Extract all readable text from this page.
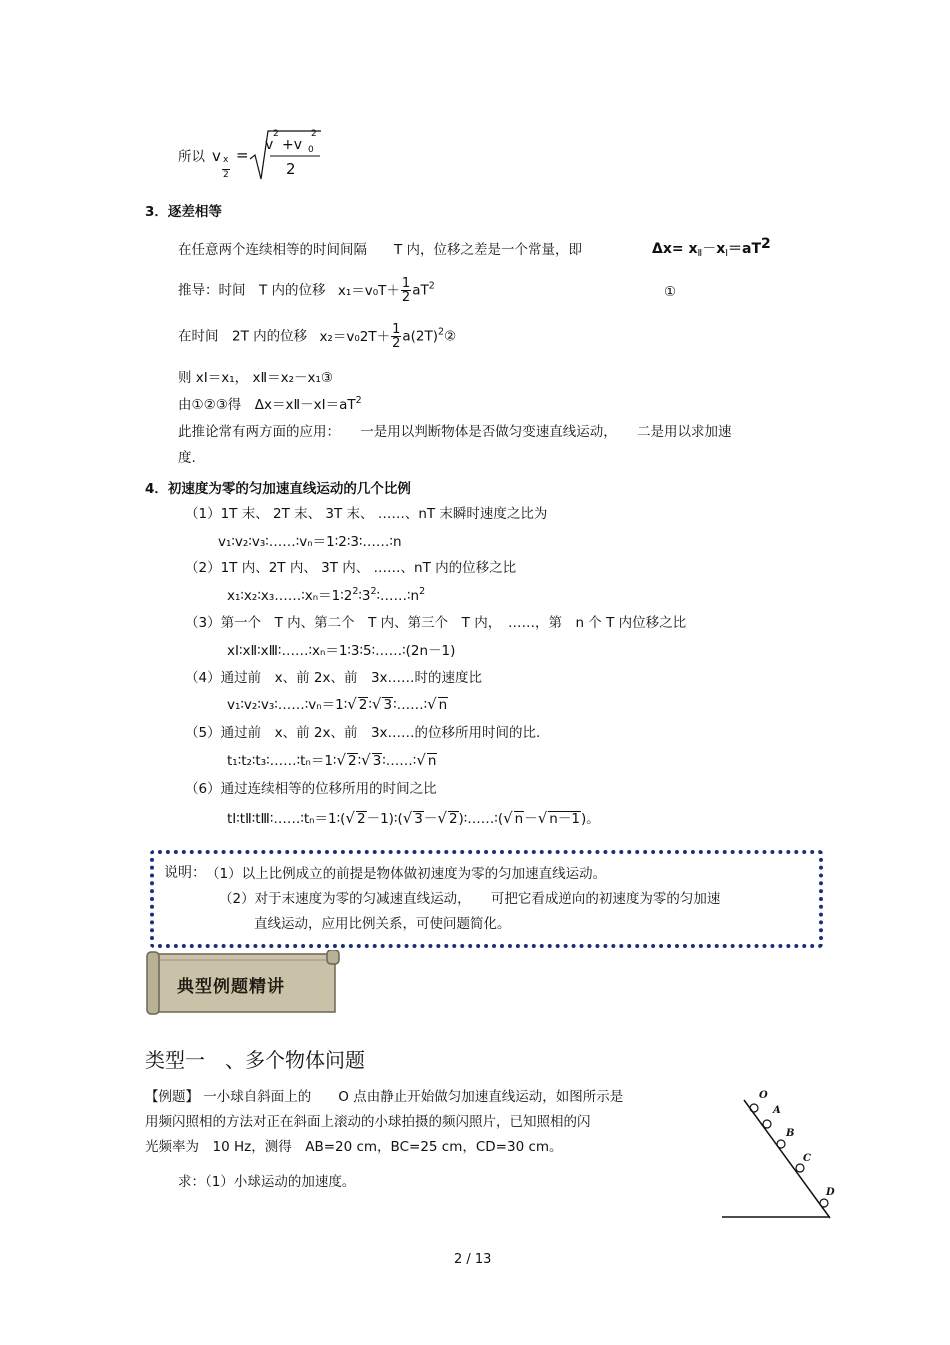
所以 v x
2
=
v
2
+v 0
2
2
3．逐差相等
在任意两个连续相等的时间间隔　　T 内，位移之差是一个常量，即	$\Delta x= x_Ⅱ-x_Ⅰ=aT2$
推导：时间　T 内的位移 $x_1=v_0T+ \frac{1}{2} aT^2$	①
在时间　2T 内的位移 $x_2=v_02T+ \frac{1}{2}$ $a(2T)^2②$
则 xⅠ＝x₁， xⅡ＝x₂－x₁③
由①②③得　$\Delta x=xⅡ-xⅠ=aT^2$
此推论常有两方面的应用：　　一是用以判断物体是否做匀变速直线运动，　　二是用以求加速
度.
4．初速度为零的匀加速直线运动的几个比例
（1）1T 末、 2T 末、 3T 末、 ……、nT 末瞬时速度之比为
v₁∶v₂∶v₃∶……∶vₙ＝1∶2∶3∶……∶n
（2）1T 内、2T 内、 3T 内、 ……、nT 内的位移之比
$x_1∶x_2∶x_3\dots\dots∶x_n=1∶2^2∶3^2∶\dots\dots∶n^2$
（3）第一个　T 内、第二个　T 内、第三个　T 内，　……，第　n 个 T 内位移之比
xⅠ∶xⅡ∶xⅢ∶……∶xₙ＝1∶3∶5∶……∶(2n－1)
（4）通过前　x、前 2x、前　3x……时的速度比
v₁∶v₂∶v₃∶……∶vₙ＝1∶√ 2∶√ 3∶……∶√ n
（5）通过前　x、前 2x、前　3x……的位移所用时间的比.
t₁∶t₂∶t₃∶……∶tₙ＝1∶√ 2∶√ 3∶……∶√ n
（6）通过连续相等的位移所用的时间之比
tⅠ∶tⅡ∶tⅢ∶……∶tₙ＝1∶(√ 2－1)∶(√ 3－√ 2)∶……∶(√ n－√ n－1)。
说明： （1）以上比例成立的前提是物体做初速度为零的匀加速直线运动。
（2）对于末速度为零的匀减速直线运动，　　可把它看成逆向的初速度为零的匀加速
直线运动，应用比例关系，可使问题简化。
典型例题精讲
类型一　、多个物体问题
【例题】 一小球自斜面上的　　O 点由静止开始做匀加速直线运动，如图所示是
用频闪照相的方法对正在斜面上滚动的小球拍摄的频闪照片，已知照相的闪
光频率为　10 Hz，测得　AB=20 cm，BC=25 cm，CD=30 cm。
求：（1）小球运动的加速度。
O
A
B
C
D
2 / 13
